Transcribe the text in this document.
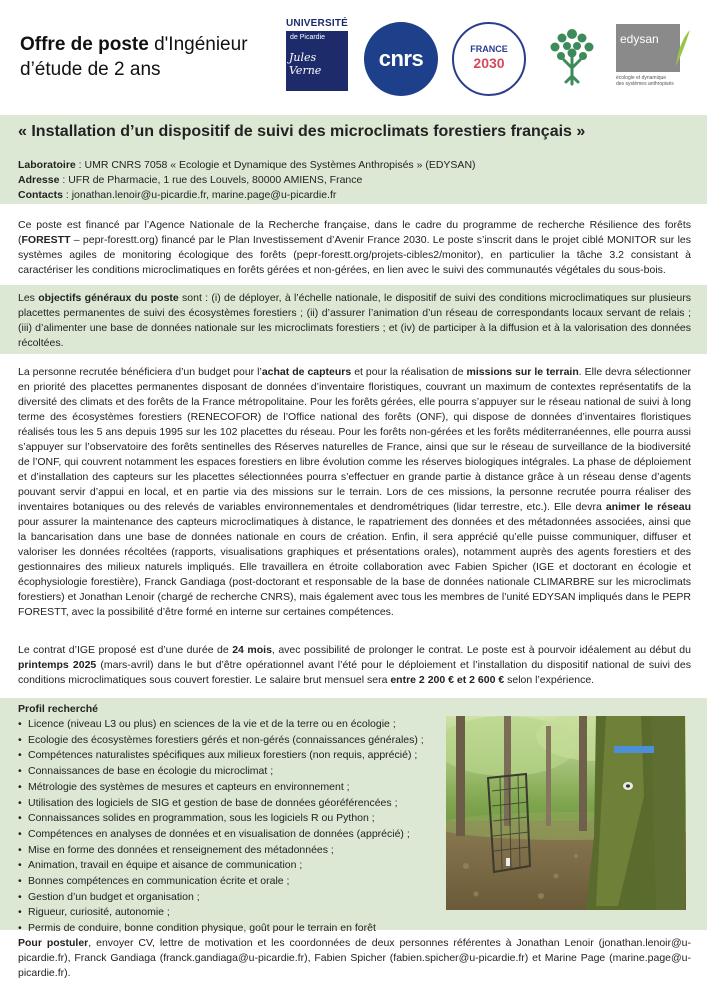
Offre de poste d'Ingénieur
d’étude de 2 ans
UNIVERSITÉ
de Picardie
Jules
Verne	cnrs	FRANCE
2030
edysan
écologie et dynamique
des systèmes anthropisés
« Installation d’un dispositif de suivi des microclimats forestiers français »
Laboratoire : UMR CNRS 7058 « Ecologie et Dynamique des Systèmes Anthropisés » (EDYSAN)
Adresse : UFR de Pharmacie, 1 rue des Louvels, 80000 AMIENS, France
Contacts : jonathan.lenoir@u-picardie.fr, marine.page@u-picardie.fr
Ce poste est financé par l’Agence Nationale de la Recherche française, dans le cadre du programme de recherche Résilience des forêts (FORESTT – pepr-forestt.org) financé par le Plan Investissement d’Avenir France 2030. Le poste s’inscrit dans le projet ciblé MONITOR sur les systèmes agiles de monitoring écologique des forêts (pepr-forestt.org/projets-cibles2/monitor), en particulier la tâche 3.2 consistant à caractériser les conditions microclimatiques en forêts gérées et non-gérées, en lien avec le suivi des communautés végétales du sous-bois.
Les objectifs généraux du poste sont : (i) de déployer, à l’échelle nationale, le dispositif de suivi des conditions microclimatiques sur plusieurs placettes permanentes de suivi des écosystèmes forestiers ; (ii) d’assurer l’animation d’un réseau de correspondants locaux servant de relais ; (iii) d’alimenter une base de données nationale sur les microclimats forestiers ; et (iv) de participer à la diffusion et à la valorisation des données récoltées.
La personne recrutée bénéficiera d’un budget pour l’achat de capteurs et pour la réalisation de missions sur le terrain. Elle devra sélectionner en priorité des placettes permanentes disposant de données d’inventaire floristiques, couvrant un maximum de contextes représentatifs de la diversité des climats et des forêts de la France métropolitaine. Pour les forêts gérées, elle pourra s’appuyer sur le réseau national de suivi à long terme des écosystèmes forestiers (RENECOFOR) de l’Office national des forêts (ONF), qui dispose de données d’inventaires floristiques réalisés tous les 5 ans depuis 1995 sur les 102 placettes du réseau. Pour les forêts non-gérées et les forêts méditerranéennes, elle pourra aussi s’appuyer sur l’observatoire des forêts sentinelles des Réserves naturelles de France, ainsi que sur le réseau de surveillance de la biodiversité de l’ONF, qui couvrent notamment les espaces forestiers en libre évolution comme les réserves biologiques intégrales. La phase de déploiement et d’installation des capteurs sur les placettes sélectionnées pourra s’effectuer en grande partie à distance grâce à un réseau dense d’agents pouvant servir d’appui en local, et en partie via des missions sur le terrain. Lors de ces missions, la personne recrutée pourra réaliser des inventaires botaniques ou des relevés de variables environnementales et dendrométriques (lidar terrestre, etc.). Elle devra animer le réseau pour assurer la maintenance des capteurs microclimatiques à distance, le rapatriement des données et des métadonnées associées, ainsi que la bancarisation dans une base de données nationale en cours de création. Enfin, il sera apprécié qu’elle puisse communiquer, diffuser et valoriser les données récoltées (rapports, visualisations graphiques et présentations orales), notamment auprès des agents forestiers et des gestionnaires des milieux naturels impliqués. Elle travaillera en étroite collaboration avec Fabien Spicher (IGE et doctorant en écologie et écophysiologie forestière), Franck Gandiaga (post-doctorant et responsable de la base de données nationale CLIMARBRE sur les microclimats forestiers) et Jonathan Lenoir (chargé de recherche CNRS), mais également avec tous les membres de l’unité EDYSAN impliqués dans le PEPR FORESTT, avec la possibilité d’être formé en interne sur certaines compétences.
Le contrat d’IGE proposé est d’une durée de 24 mois, avec possibilité de prolonger le contrat. Le poste est à pourvoir idéalement au début du printemps 2025 (mars-avril) dans le but d’être opérationnel avant l’été pour le déploiement et l’installation du dispositif national de suivi des conditions microclimatiques sous couvert forestier. Le salaire brut mensuel sera entre 2 200 € et 2 600 € selon l’expérience.
Profil recherché
• Licence (niveau L3 ou plus) en sciences de la vie et de la terre ou en écologie ;
• Ecologie des écosystèmes forestiers gérés et non-gérés (connaissances générales) ;
• Compétences naturalistes spécifiques aux milieux forestiers (non requis, apprécié) ;
• Connaissances de base en écologie du microclimat ;
• Métrologie des systèmes de mesures et capteurs en environnement ;
• Utilisation des logiciels de SIG et gestion de base de données géoréférencées ;
• Connaissances solides en programmation, sous les logiciels R ou Python ;
• Compétences en analyses de données et en visualisation de données (apprécié) ;
• Mise en forme des données et renseignement des métadonnées ;
• Animation, travail en équipe et aisance de communication ;
• Bonnes compétences en communication écrite et orale ;
• Gestion d’un budget et organisation ;
• Rigueur, curiosité, autonomie ;
• Permis de conduire, bonne condition physique, goût pour le terrain en forêt
Pour postuler, envoyer CV, lettre de motivation et les coordonnées de deux personnes référentes à Jonathan Lenoir (jonathan.lenoir@u-picardie.fr), Franck Gandiaga (franck.gandiaga@u-picardie.fr), Fabien Spicher (fabien.spicher@u-picardie.fr) et Marine Page (marine.page@u-picardie.fr).
